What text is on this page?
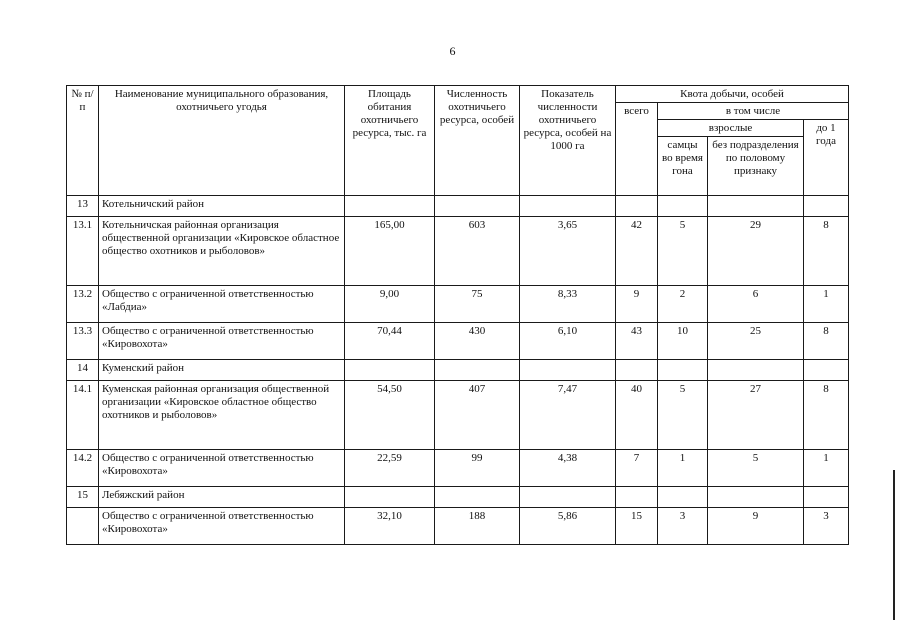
6
№ п/п	Наименование муниципального образования, охотничьего угодья	Площадь обитания охотничьего ресурса, тыс. га	Численность охотничьего ресурса, особей	Показатель численности охотничьего ресурса, особей на 1000 га	Квота добычи, особей			
					всего	в том числе		
						взрослые		до 1 года
						самцы во время гона	без подразделения по половому признаку	
13	Котельничский район							
13.1	Котельничская районная организация общественной организации «Кировское областное общество охотников и рыболовов»	165,00	603	3,65	42	5	29	8
13.2	Общество с ограниченной ответственностью «Лабдиа»	9,00	75	8,33	9	2	6	1
13.3	Общество с ограниченной ответственностью «Кировохота»	70,44	430	6,10	43	10	25	8
14	Куменский район							
14.1	Куменская районная организация общественной организации «Кировское областное общество охотников и рыболовов»	54,50	407	7,47	40	5	27	8
14.2	Общество с ограниченной ответственностью «Кировохота»	22,59	99	4,38	7	1	5	1
15	Лебяжский район							
	Общество с ограниченной ответственностью «Кировохота»	32,10	188	5,86	15	3	9	3
